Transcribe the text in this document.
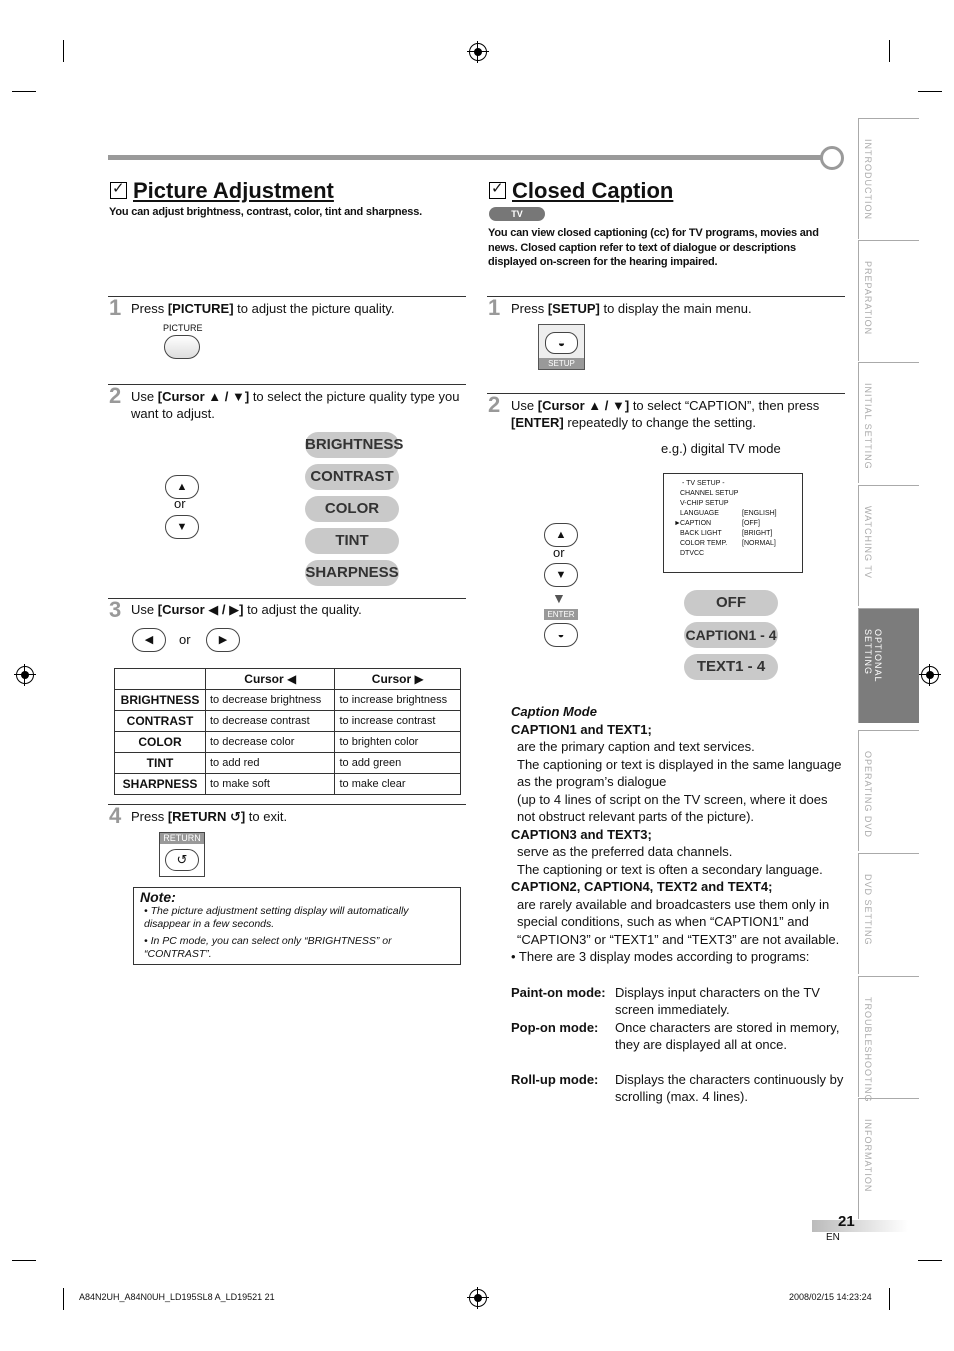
INTRODUCTION
PREPARATION
INITIAL SETTING
WATCHING TV
OPTIONAL SETTING
OPERATING DVD
DVD SETTING
TROUBLESHOOTING
INFORMATION
✓Picture Adjustment
You can adjust brightness, contrast, color, tint and sharpness.
1 Press [PICTURE] to adjust the picture quality.
PICTURE
2 Use [Cursor ▲ / ▼] to select the picture quality type you want to adjust.
▲
or
▼
BRIGHTNESS
CONTRAST
COLOR
TINT
SHARPNESS
3 Use [Cursor ◀ / ▶] to adjust the quality.
◀	or	▶
	Cursor ◀	Cursor ▶
BRIGHTNESS	to decrease brightness	to increase brightness
CONTRAST	to decrease contrast	to increase contrast
COLOR	to decrease color	to brighten color
TINT	to add red	to add green
SHARPNESS	to make soft	to make clear
4 Press [RETURN ↺] to exit.
RETURN
↺
Note:
• The picture adjustment setting display will automatically disappear in a few seconds.
• In PC mode, you can select only “BRIGHTNESS” or “CONTRAST”.
✓Closed Caption
TV
You can view closed captioning (cc) for TV programs, movies and news. Closed caption refer to text of dialogue or descriptions displayed on-screen for the hearing impaired.
1 Press [SETUP] to display the main menu.
◒
SETUP
2 Use [Cursor ▲ / ▼] to select “CAPTION”, then press [ENTER] repeatedly to change the setting.
e.g.) digital TV mode
- TV SETUP -
CHANNEL SETUP
V-CHIP SETUP
LANGUAGE	[ENGLISH]
► CAPTION	[OFF]
BACK LIGHT	[BRIGHT]
COLOR TEMP. [NORMAL]
DTVCC
▲
or
▼
▼
ENTER
◒
OFF
CAPTION1 - 4
TEXT1 - 4
Caption Mode
CAPTION1 and TEXT1;
are the primary caption and text services.
The captioning or text is displayed in the same language as the program’s dialogue
(up to 4 lines of script on the TV screen, where it does not obstruct relevant parts of the picture).
CAPTION3 and TEXT3;
serve as the preferred data channels.
The captioning or text is often a secondary language.
CAPTION2, CAPTION4, TEXT2 and TEXT4;
are rarely available and broadcasters use them only in special conditions, such as when “CAPTION1” and “CAPTION3” or “TEXT1” and “TEXT3” are not available.
• There are 3 display modes according to programs:
Paint-on mode: Displays input characters on the TV screen immediately.
Pop-on mode: Once characters are stored in memory, they are displayed all at once.
Roll-up mode: Displays the characters continuously by scrolling (max. 4 lines).
21
EN
A84N2UH_A84N0UH_LD195SL8 A_LD19521 21	2008/02/15 14:23:24
